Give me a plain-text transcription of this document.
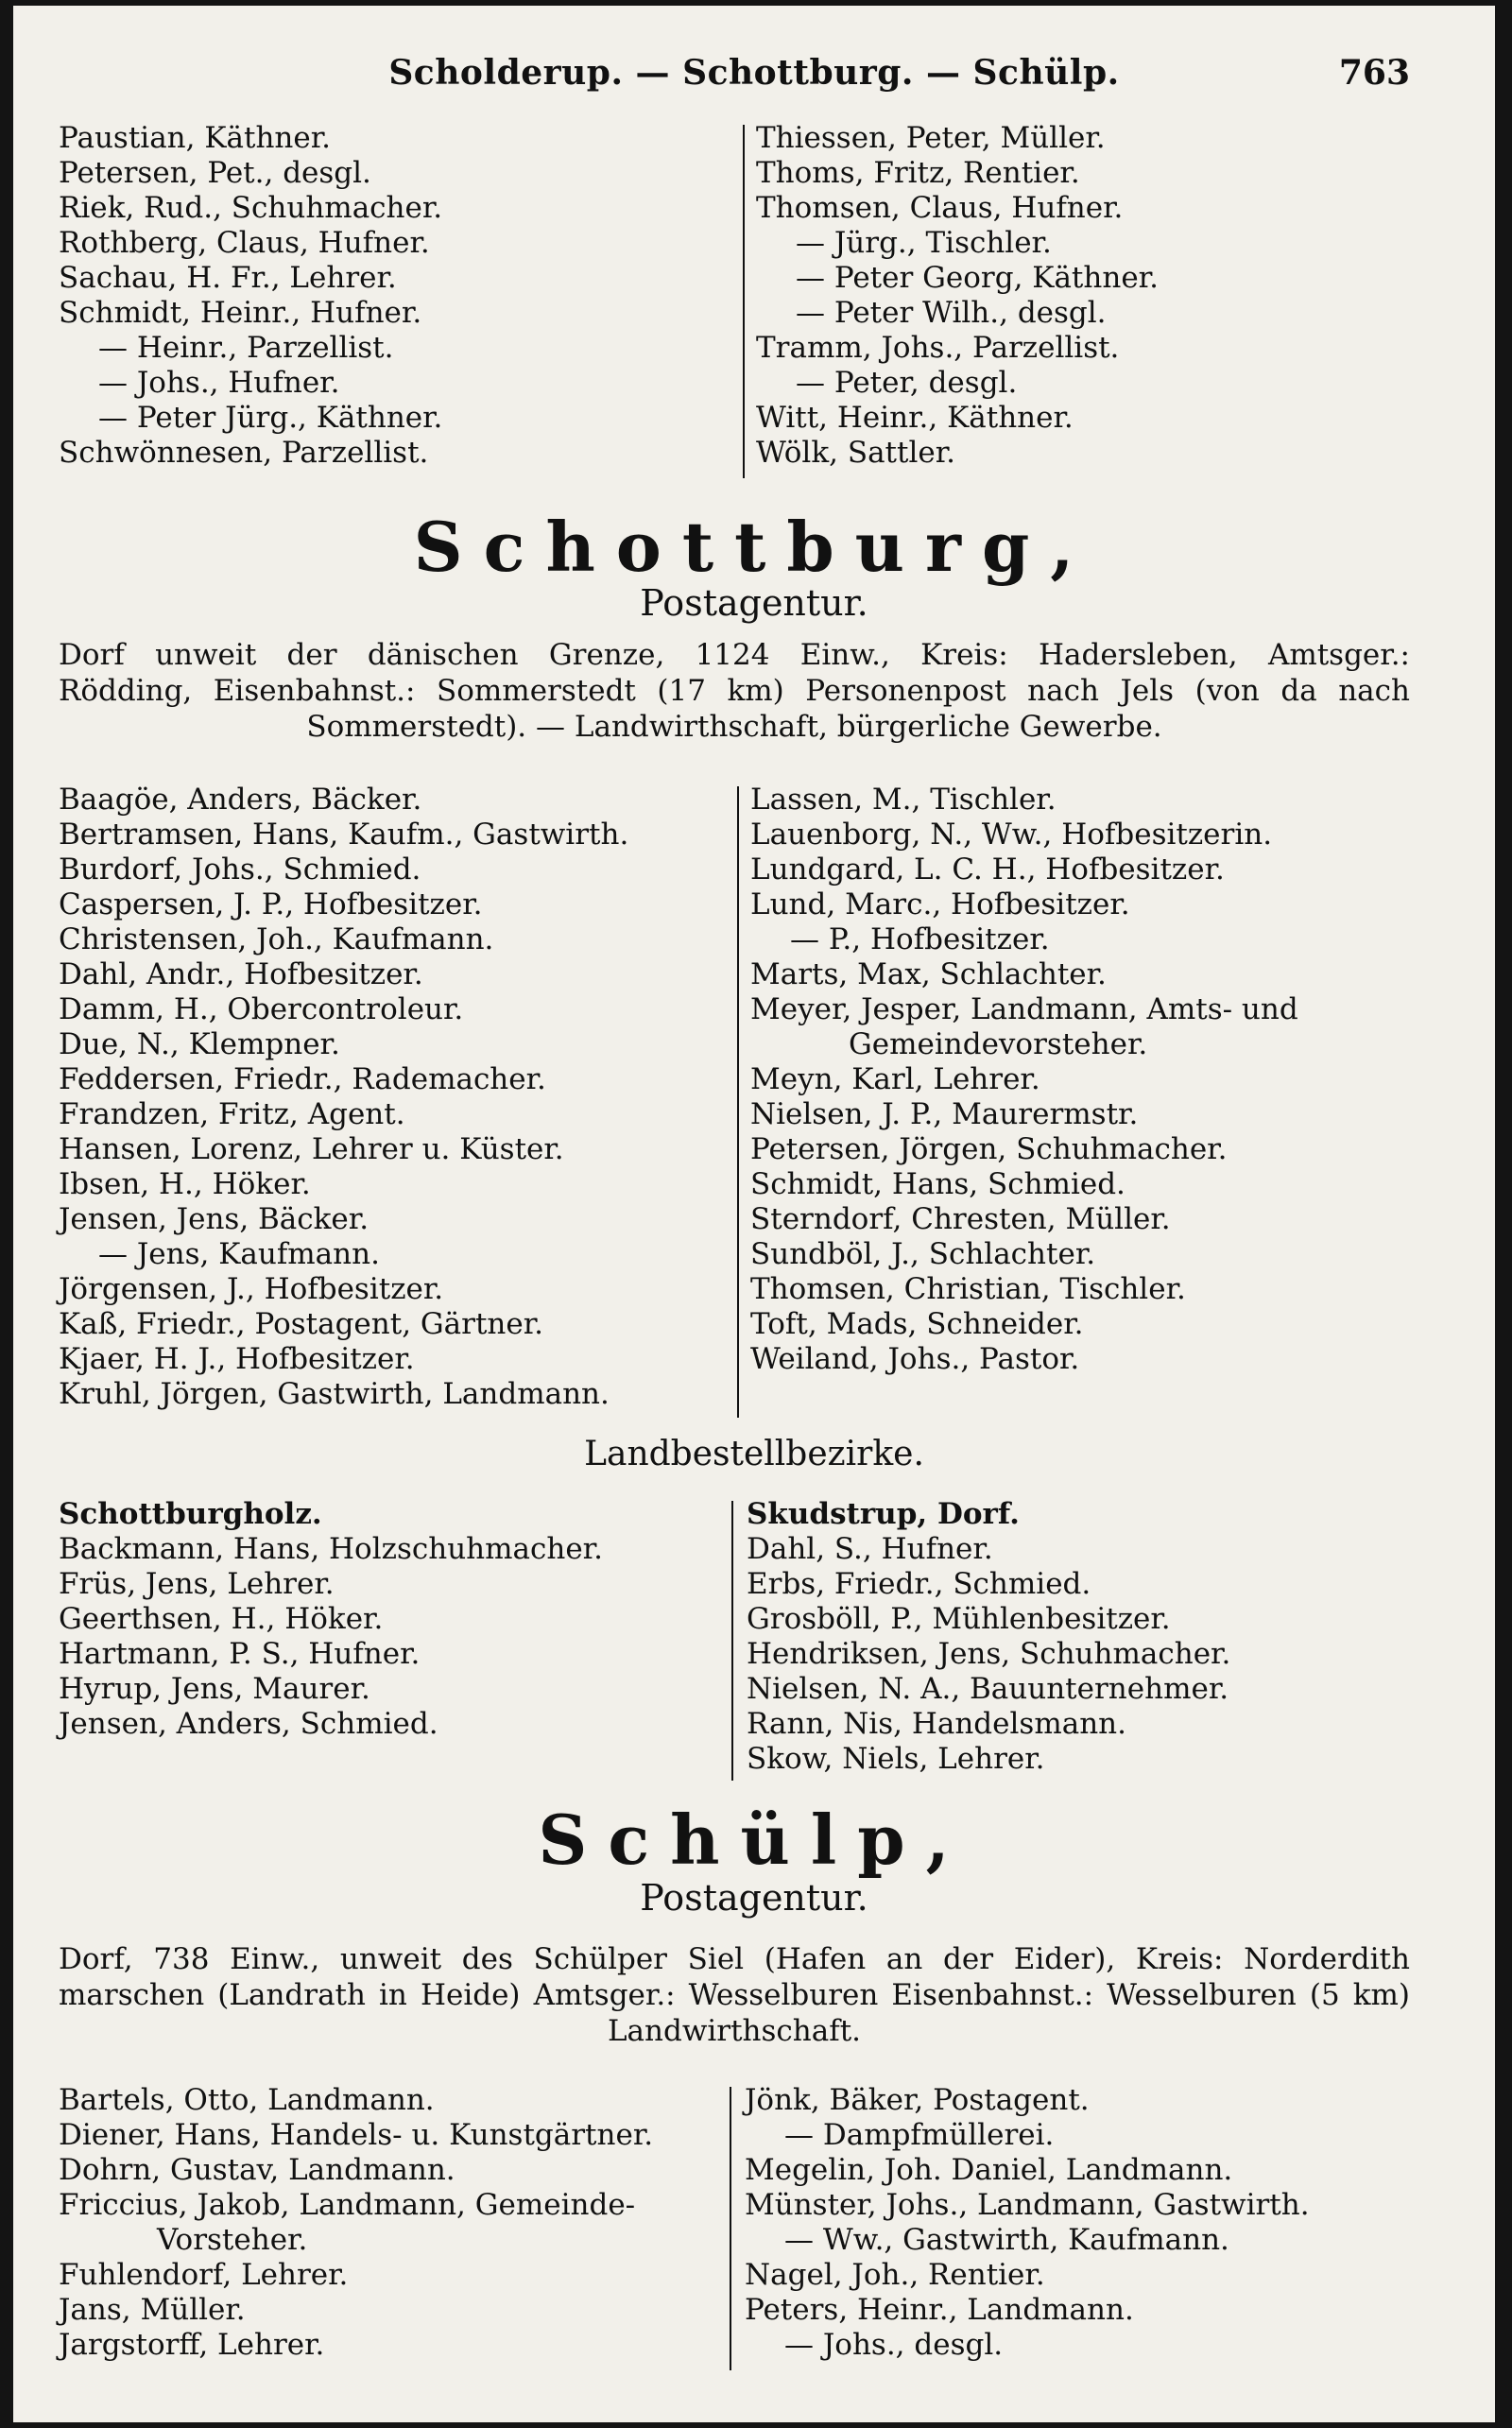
Scholderup. — Schottburg. — Schülp.	763
Paustian, Käthner.
Petersen, Pet., desgl.
Riek, Rud., Schuhmacher.
Rothberg, Claus, Hufner.
Sachau, H. Fr., Lehrer.
Schmidt, Heinr., Hufner.
— Heinr., Parzellist.
— Johs., Hufner.
— Peter Jürg., Käthner.
Schwönnesen, Parzellist.
Thiessen, Peter, Müller.
Thoms, Fritz, Rentier.
Thomsen, Claus, Hufner.
— Jürg., Tischler.
— Peter Georg, Käthner.
— Peter Wilh., desgl.
Tramm, Johs., Parzellist.
— Peter, desgl.
Witt, Heinr., Käthner.
Wölk, Sattler.
Schottburg,
Postagentur.
Dorf unweit der dänischen Grenze, 1124 Einw., Kreis: Hadersleben, Amtsger.:
Rödding, Eisenbahnst.: Sommerstedt (17 km) Personenpost nach Jels (von da nach
Sommerstedt). — Landwirthschaft, bürgerliche Gewerbe.
Baagöe, Anders, Bäcker.
Bertramsen, Hans, Kaufm., Gastwirth.
Burdorf, Johs., Schmied.
Caspersen, J. P., Hofbesitzer.
Christensen, Joh., Kaufmann.
Dahl, Andr., Hofbesitzer.
Damm, H., Obercontroleur.
Due, N., Klempner.
Feddersen, Friedr., Rademacher.
Frandzen, Fritz, Agent.
Hansen, Lorenz, Lehrer u. Küster.
Ibsen, H., Höker.
Jensen, Jens, Bäcker.
— Jens, Kaufmann.
Jörgensen, J., Hofbesitzer.
Kaß, Friedr., Postagent, Gärtner.
Kjaer, H. J., Hofbesitzer.
Kruhl, Jörgen, Gastwirth, Landmann.
Lassen, M., Tischler.
Lauenborg, N., Ww., Hofbesitzerin.
Lundgard, L. C. H., Hofbesitzer.
Lund, Marc., Hofbesitzer.
— P., Hofbesitzer.
Marts, Max, Schlachter.
Meyer, Jesper, Landmann, Amts- und
Gemeindevorsteher.
Meyn, Karl, Lehrer.
Nielsen, J. P., Maurermstr.
Petersen, Jörgen, Schuhmacher.
Schmidt, Hans, Schmied.
Sterndorf, Chresten, Müller.
Sundböl, J., Schlachter.
Thomsen, Christian, Tischler.
Toft, Mads, Schneider.
Weiland, Johs., Pastor.
Landbestellbezirke.
Schottburgholz.
Backmann, Hans, Holzschuhmacher.
Früs, Jens, Lehrer.
Geerthsen, H., Höker.
Hartmann, P. S., Hufner.
Hyrup, Jens, Maurer.
Jensen, Anders, Schmied.
Skudstrup, Dorf.
Dahl, S., Hufner.
Erbs, Friedr., Schmied.
Grosböll, P., Mühlenbesitzer.
Hendriksen, Jens, Schuhmacher.
Nielsen, N. A., Bauunternehmer.
Rann, Nis, Handelsmann.
Skow, Niels, Lehrer.
Schülp,
Postagentur.
Dorf, 738 Einw., unweit des Schülper Siel (Hafen an der Eider), Kreis: Norderdith
marschen (Landrath in Heide) Amtsger.: Wesselburen Eisenbahnst.: Wesselburen (5 km)
Landwirthschaft.
Bartels, Otto, Landmann.
Diener, Hans, Handels- u. Kunstgärtner.
Dohrn, Gustav, Landmann.
Friccius, Jakob, Landmann, Gemeinde-
Vorsteher.
Fuhlendorf, Lehrer.
Jans, Müller.
Jargstorff, Lehrer.
Jönk, Bäker, Postagent.
— Dampfmüllerei.
Megelin, Joh. Daniel, Landmann.
Münster, Johs., Landmann, Gastwirth.
— Ww., Gastwirth, Kaufmann.
Nagel, Joh., Rentier.
Peters, Heinr., Landmann.
— Johs., desgl.
